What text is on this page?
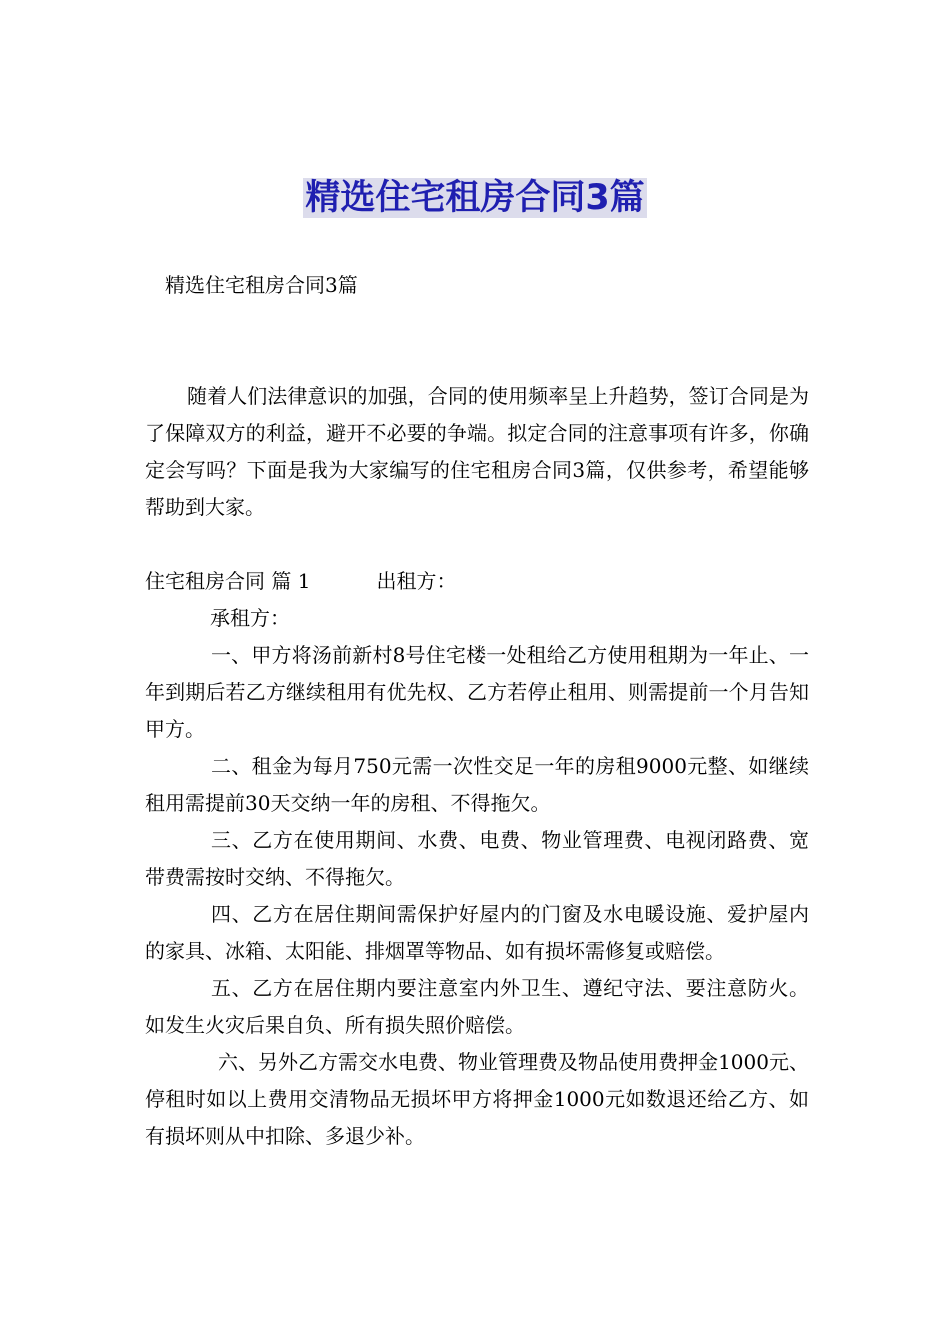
精选住宅租房合同3篇
精选住宅租房合同3篇

随着人们法律意识的加强，合同的使用频率呈上升趋势，签订合同是为了保障双方的利益，避开不必要的争端。拟定合同的注意事项有许多，你确定会写吗？下面是我为大家编写的住宅租房合同3篇，仅供参考，希望能够帮助到大家。

住宅租房合同 篇 1	出租方：
承租方：

一、甲方将汤前新村8号住宅楼一处租给乙方使用租期为一年止、一年到期后若乙方继续租用有优先权、乙方若停止租用、则需提前一个月告知甲方。

二、租金为每月750元需一次性交足一年的房租9000元整、如继续租用需提前30天交纳一年的房租、不得拖欠。

三、乙方在使用期间、水费、电费、物业管理费、电视闭路费、宽带费需按时交纳、不得拖欠。

四、乙方在居住期间需保护好屋内的门窗及水电暖设施、爱护屋内的家具、冰箱、太阳能、排烟罩等物品、如有损坏需修复或赔偿。

五、乙方在居住期内要注意室内外卫生、遵纪守法、要注意防火。如发生火灾后果自负、所有损失照价赔偿。

六、另外乙方需交水电费、物业管理费及物品使用费押金1000元、停租时如以上费用交清物品无损坏甲方将押金1000元如数退还给乙方、如有损坏则从中扣除、多退少补。
